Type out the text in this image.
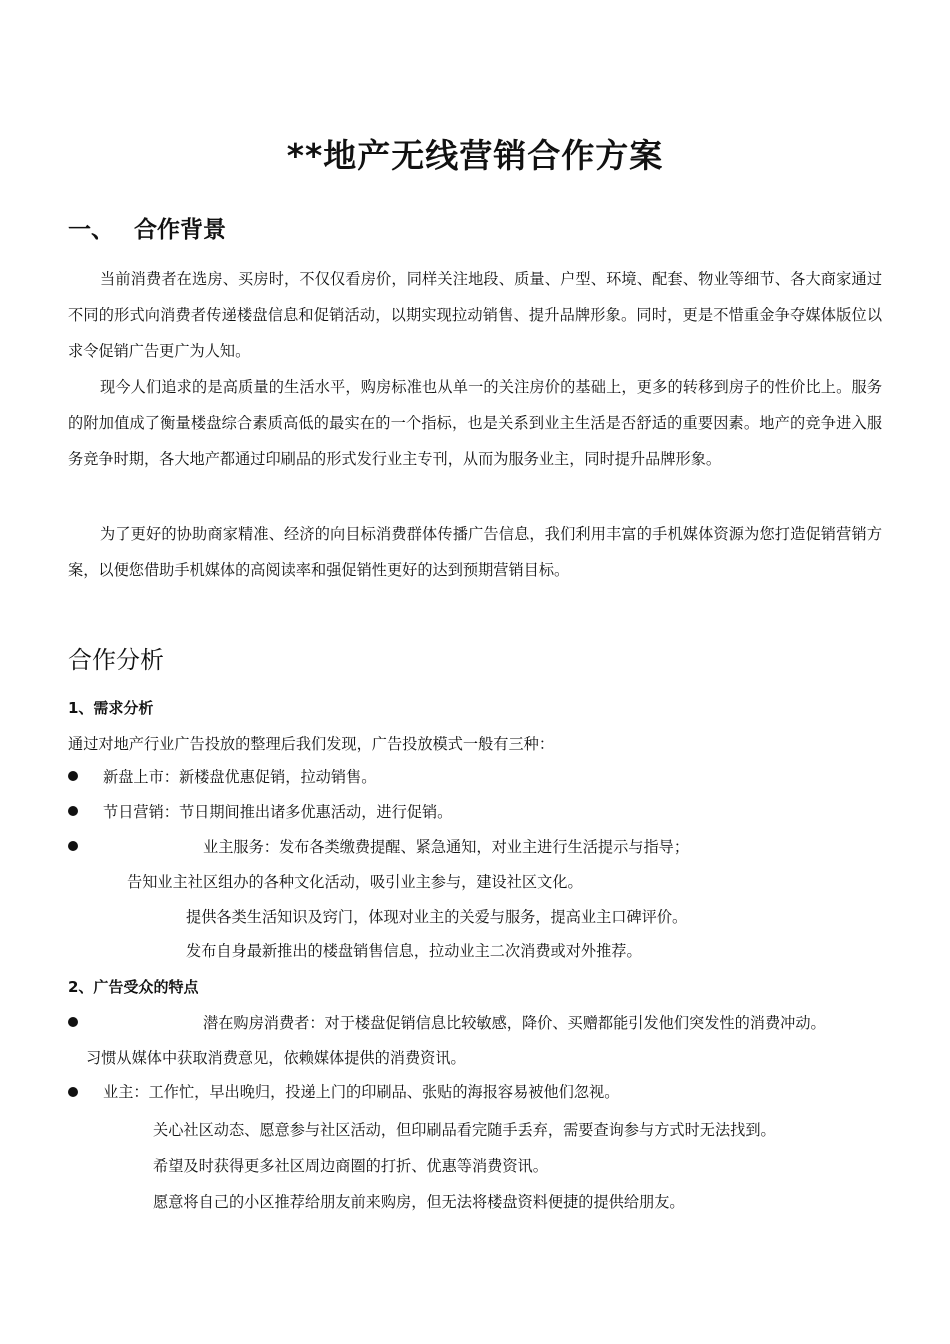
**地产无线营销合作方案
一、 合作背景

当前消费者在选房、买房时，不仅仅看房价，同样关注地段、质量、户型、环境、配套、物业等细节、各大商家通过不同的形式向消费者传递楼盘信息和促销活动，以期实现拉动销售、提升品牌形象。同时，更是不惜重金争夺媒体版位以求令促销广告更广为人知。

现今人们追求的是高质量的生活水平，购房标准也从单一的关注房价的基础上，更多的转移到房子的性价比上。服务的附加值成了衡量楼盘综合素质高低的最实在的一个指标，也是关系到业主生活是否舒适的重要因素。地产的竞争进入服务竞争时期，各大地产都通过印刷品的形式发行业主专刊，从而为服务业主，同时提升品牌形象。

为了更好的协助商家精准、经济的向目标消费群体传播广告信息，我们利用丰富的手机媒体资源为您打造促销营销方案，以便您借助手机媒体的高阅读率和强促销性更好的达到预期营销目标。

合作分析
1、需求分析
通过对地产行业广告投放的整理后我们发现，广告投放模式一般有三种：
新盘上市：新楼盘优惠促销，拉动销售。
节日营销：节日期间推出诸多优惠活动，进行促销。
业主服务：发布各类缴费提醒、紧急通知，对业主进行生活提示与指导；
告知业主社区组办的各种文化活动，吸引业主参与，建设社区文化。
提供各类生活知识及窍门，体现对业主的关爱与服务，提高业主口碑评价。
发布自身最新推出的楼盘销售信息，拉动业主二次消费或对外推荐。
2、广告受众的特点
潜在购房消费者：对于楼盘促销信息比较敏感，降价、买赠都能引发他们突发性的消费冲动。
习惯从媒体中获取消费意见，依赖媒体提供的消费资讯。
业主：工作忙，早出晚归，投递上门的印刷品、张贴的海报容易被他们忽视。
关心社区动态、愿意参与社区活动，但印刷品看完随手丢弃，需要查询参与方式时无法找到。
希望及时获得更多社区周边商圈的打折、优惠等消费资讯。
愿意将自己的小区推荐给朋友前来购房，但无法将楼盘资料便捷的提供给朋友。
